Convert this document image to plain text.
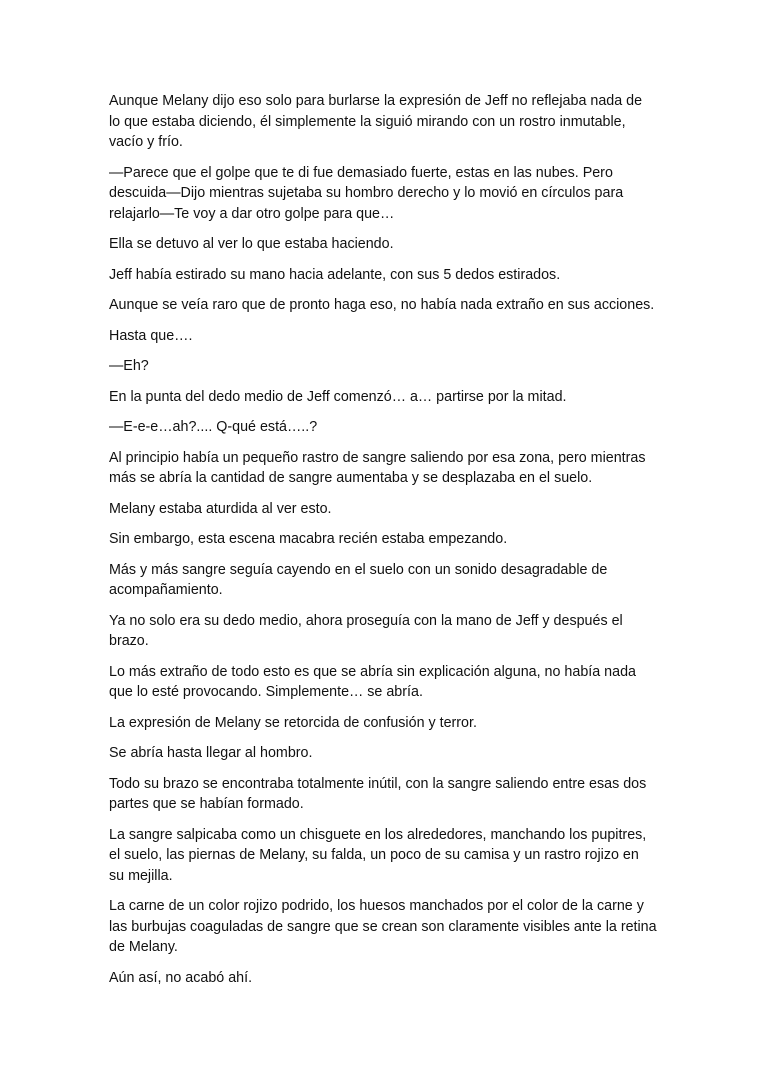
Aunque Melany dijo eso solo para burlarse la expresión de Jeff no reflejaba nada de lo que estaba diciendo, él simplemente la siguió mirando con un rostro inmutable, vacío y frío.

—Parece que el golpe que te di fue demasiado fuerte, estas en las nubes. Pero descuida—Dijo mientras sujetaba su hombro derecho y lo movió en círculos para relajarlo—Te voy a dar otro golpe para que…

Ella se detuvo al ver lo que estaba haciendo.

Jeff había estirado su mano hacia adelante, con sus 5 dedos estirados.

Aunque se veía raro que de pronto haga eso, no había nada extraño en sus acciones.

Hasta que….

—Eh?

En la punta del dedo medio de Jeff comenzó… a… partirse por la mitad.

—E-e-e…ah?.... Q-qué está…..?

Al principio había un pequeño rastro de sangre saliendo por esa zona, pero mientras más se abría la cantidad de sangre aumentaba y se desplazaba en el suelo.

Melany estaba aturdida al ver esto.

Sin embargo, esta escena macabra recién estaba empezando.

Más y más sangre seguía cayendo en el suelo con un sonido desagradable de acompañamiento.

Ya no solo era su dedo medio, ahora proseguía con la mano de Jeff y después el brazo.

Lo más extraño de todo esto es que se abría sin explicación alguna, no había nada que lo esté provocando. Simplemente… se abría.

La expresión de Melany se retorcida de confusión y terror.

Se abría hasta llegar al hombro.

Todo su brazo se encontraba totalmente inútil, con la sangre saliendo entre esas dos partes que se habían formado.

La sangre salpicaba como un chisguete en los alrededores, manchando los pupitres, el suelo, las piernas de Melany, su falda, un poco de su camisa y un rastro rojizo en su mejilla.

La carne de un color rojizo podrido, los huesos manchados por el color de la carne y las burbujas coaguladas de sangre que se crean son claramente visibles ante la retina de Melany.

Aún así, no acabó ahí.
